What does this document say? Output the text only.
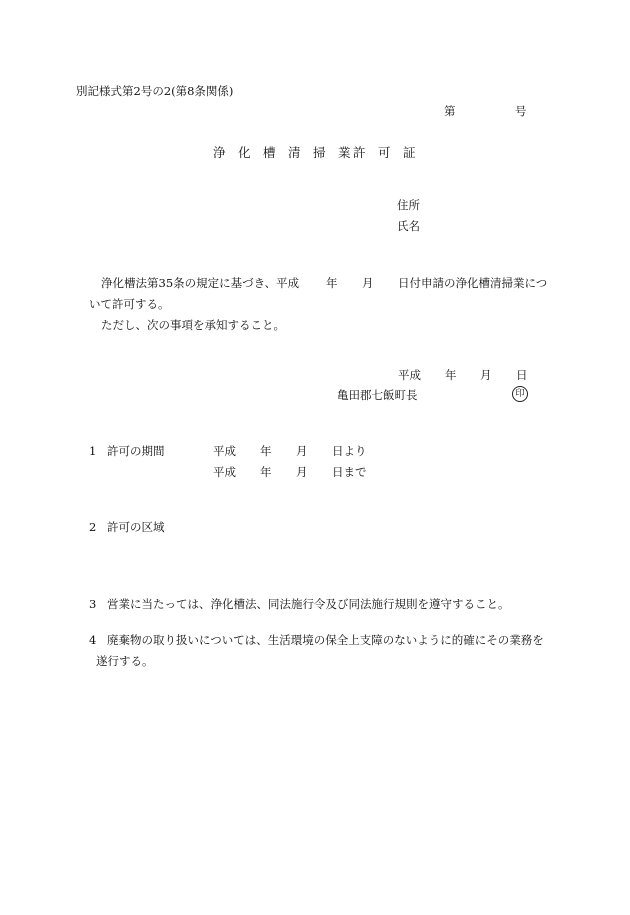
別記様式第2号の2(第8条関係)
第	号
浄 化 槽 清 掃 業 許 可 証
住所
氏名
浄化槽法第35条の規定に基づき、平成 年 月 日付申請の浄化槽清掃業につ
いて許可する。
ただし、次の事項を承知すること。
平成 年 月 日
亀田郡七飯町長	印
1 許可の期間	平成 年 月 日より
平成 年 月 日まで
2 許可の区域
3 営業に当たっては、浄化槽法、同法施行令及び同法施行規則を遵守すること。
4 廃棄物の取り扱いについては、生活環境の保全上支障のないように的確にその業務を
遂行する。
